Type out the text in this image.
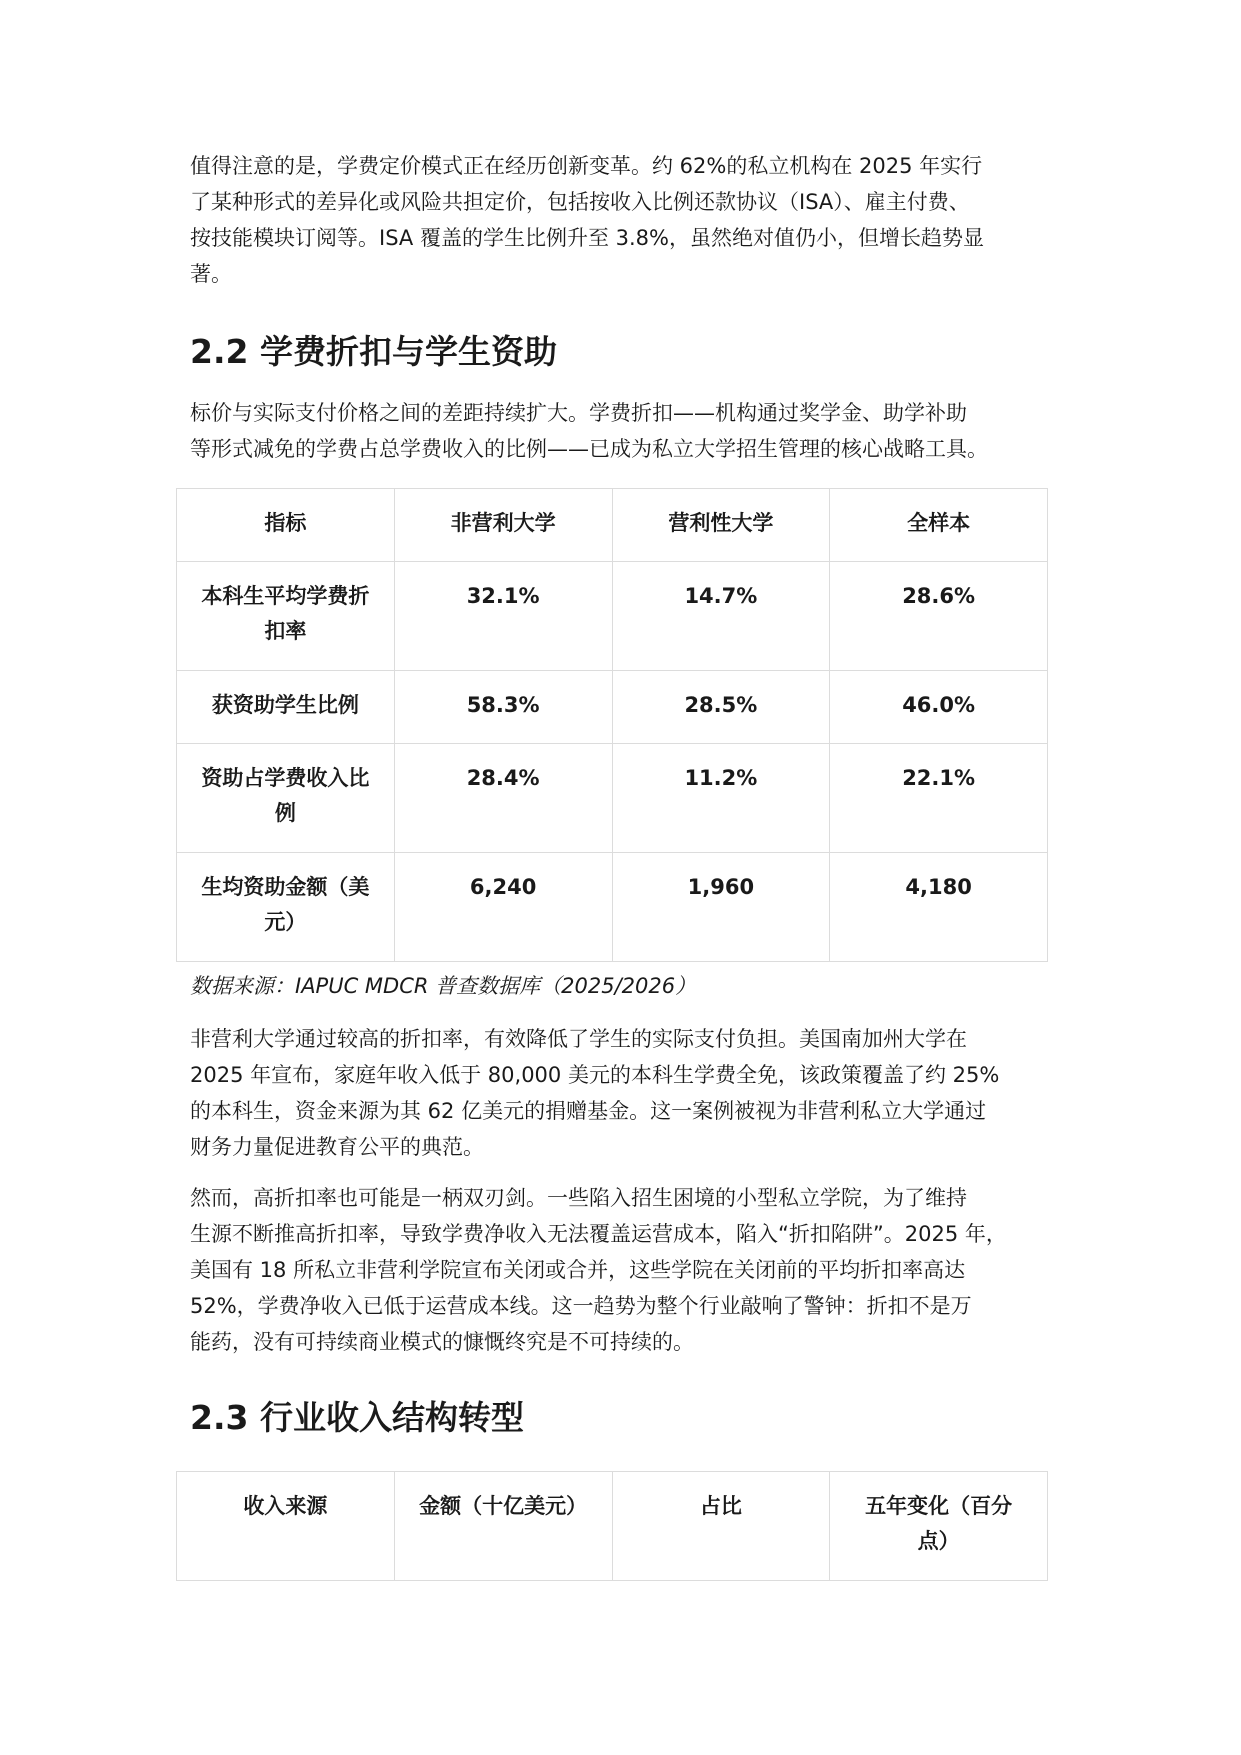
值得注意的是，学费定价模式正在经历创新变革。约 62%的私立机构在 2025 年实行
了某种形式的差异化或风险共担定价，包括按收入比例还款协议（ISA）、雇主付费、
按技能模块订阅等。ISA 覆盖的学生比例升至 3.8%，虽然绝对值仍小，但增长趋势显
著。

2.2 学费折扣与学生资助

标价与实际支付价格之间的差距持续扩大。学费折扣——机构通过奖学金、助学补助
等形式减免的学费占总学费收入的比例——已成为私立大学招生管理的核心战略工具。

指标	非营利大学	营利性大学	全样本

本科生平均学费折
扣率	32.1%	14.7%	28.6%

获资助学生比例	58.3%	28.5%	46.0%

资助占学费收入比
例	28.4%	11.2%	22.1%

生均资助金额（美
元）	6,240	1,960	4,180

数据来源：IAPUC MDCR 普查数据库（2025/2026）

非营利大学通过较高的折扣率，有效降低了学生的实际支付负担。美国南加州大学在
2025 年宣布，家庭年收入低于 80,000 美元的本科生学费全免，该政策覆盖了约 25%
的本科生，资金来源为其 62 亿美元的捐赠基金。这一案例被视为非营利私立大学通过
财务力量促进教育公平的典范。

然而，高折扣率也可能是一柄双刃剑。一些陷入招生困境的小型私立学院，为了维持
生源不断推高折扣率，导致学费净收入无法覆盖运营成本，陷入“折扣陷阱”。2025 年，
美国有 18 所私立非营利学院宣布关闭或合并，这些学院在关闭前的平均折扣率高达
52%，学费净收入已低于运营成本线。这一趋势为整个行业敲响了警钟：折扣不是万
能药，没有可持续商业模式的慷慨终究是不可持续的。

2.3 行业收入结构转型
收入来源	金额（十亿美元）	占比	五年变化（百分
点）
